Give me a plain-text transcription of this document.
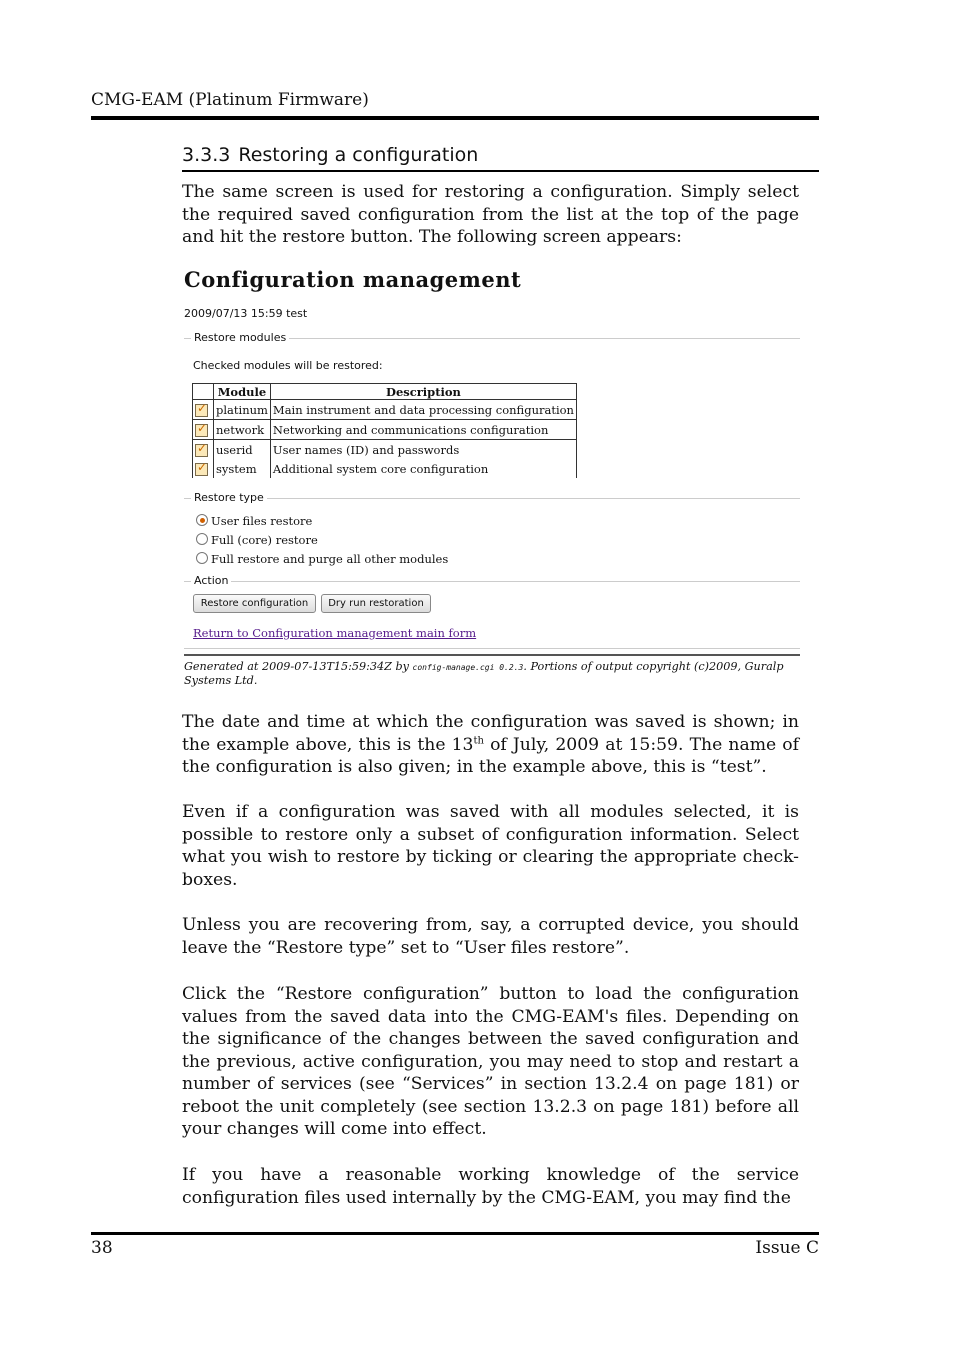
CMG-EAM (Platinum Firmware)
3.3.3 Restoring a configuration
The same screen is used for restoring a configuration. Simply select the required saved configuration from the list at the top of the page and hit the restore button. The following screen appears:
Configuration management
2009/07/13 15:59 test
Restore modules
Checked modules will be restored:
	Module	Description
✓	platinum	Main instrument and data processing configuration
✓	network	Networking and communications configuration
✓	userid	User names (ID) and passwords
✓	system	Additional system core configuration
Restore type
User files restore
Full (core) restore
Full restore and purge all other modules
Action
Restore configuration	Dry run restoration
Return to Configuration management main form
Generated at 2009-07-13T15:59:34Z by config-manage.cgi 0.2.3. Portions of output copyright (c)2009, Guralp Systems Ltd.
The date and time at which the configuration was saved is shown; in the example above, this is the 13th of July, 2009 at 15:59. The name of the configuration is also given; in the example above, this is “test”.
Even if a configuration was saved with all modules selected, it is possible to restore only a subset of configuration information. Select what you wish to restore by ticking or clearing the appropriate check-boxes.
Unless you are recovering from, say, a corrupted device, you should leave the “Restore type” set to “User files restore”.
Click the “Restore configuration” button to load the configuration values from the saved data into the CMG-EAM's files. Depending on the significance of the changes between the saved configuration and the previous, active configuration, you may need to stop and restart a number of services (see “Services” in section 13.2.4 on page 181) or reboot the unit completely (see section 13.2.3 on page 181) before all your changes will come into effect.
If you have a reasonable working knowledge of the service configuration files used internally by the CMG-EAM, you may find the
38	Issue C
